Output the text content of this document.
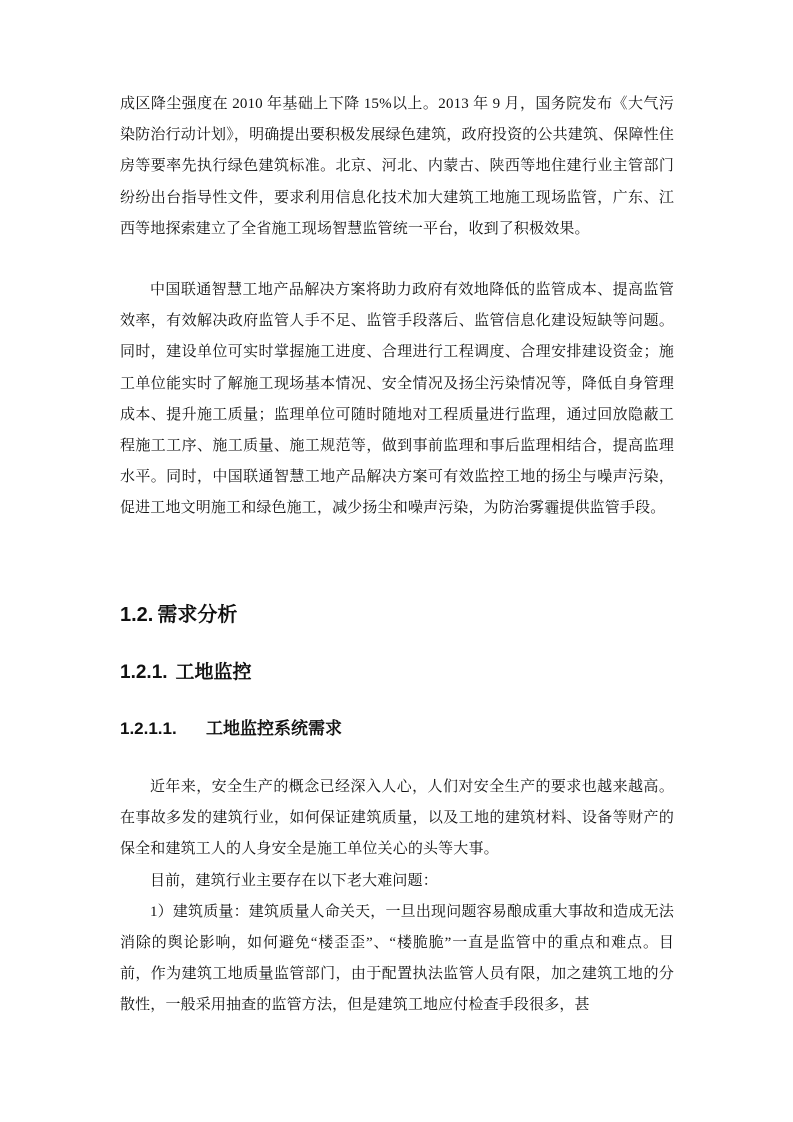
成区降尘强度在 2010 年基础上下降 15%以上。2013 年 9 月，国务院发布《大气污染防治行动计划》，明确提出要积极发展绿色建筑，政府投资的公共建筑、保障性住房等要率先执行绿色建筑标准。北京、河北、内蒙古、陕西等地住建行业主管部门纷纷出台指导性文件，要求利用信息化技术加大建筑工地施工现场监管，广东、江西等地探索建立了全省施工现场智慧监管统一平台，收到了积极效果。

中国联通智慧工地产品解决方案将助力政府有效地降低的监管成本、提高监管效率，有效解决政府监管人手不足、监管手段落后、监管信息化建设短缺等问题。同时，建设单位可实时掌握施工进度、合理进行工程调度、合理安排建设资金；施工单位能实时了解施工现场基本情况、安全情况及扬尘污染情况等，降低自身管理成本、提升施工质量；监理单位可随时随地对工程质量进行监理，通过回放隐蔽工程施工工序、施工质量、施工规范等，做到事前监理和事后监理相结合，提高监理水平。同时，中国联通智慧工地产品解决方案可有效监控工地的扬尘与噪声污染，促进工地文明施工和绿色施工，减少扬尘和噪声污染，为防治雾霾提供监管手段。

1.2. 需求分析
1.2.1. 工地监控
1.2.1.1. 工地监控系统需求

近年来，安全生产的概念已经深入人心，人们对安全生产的要求也越来越高。在事故多发的建筑行业，如何保证建筑质量，以及工地的建筑材料、设备等财产的保全和建筑工人的人身安全是施工单位关心的头等大事。

目前，建筑行业主要存在以下老大难问题：

1）建筑质量：建筑质量人命关天，一旦出现问题容易酿成重大事故和造成无法消除的舆论影响，如何避免“楼歪歪”、“楼脆脆”一直是监管中的重点和难点。目前，作为建筑工地质量监管部门，由于配置执法监管人员有限，加之建筑工地的分散性，一般采用抽查的监管方法，但是建筑工地应付检查手段很多，甚
